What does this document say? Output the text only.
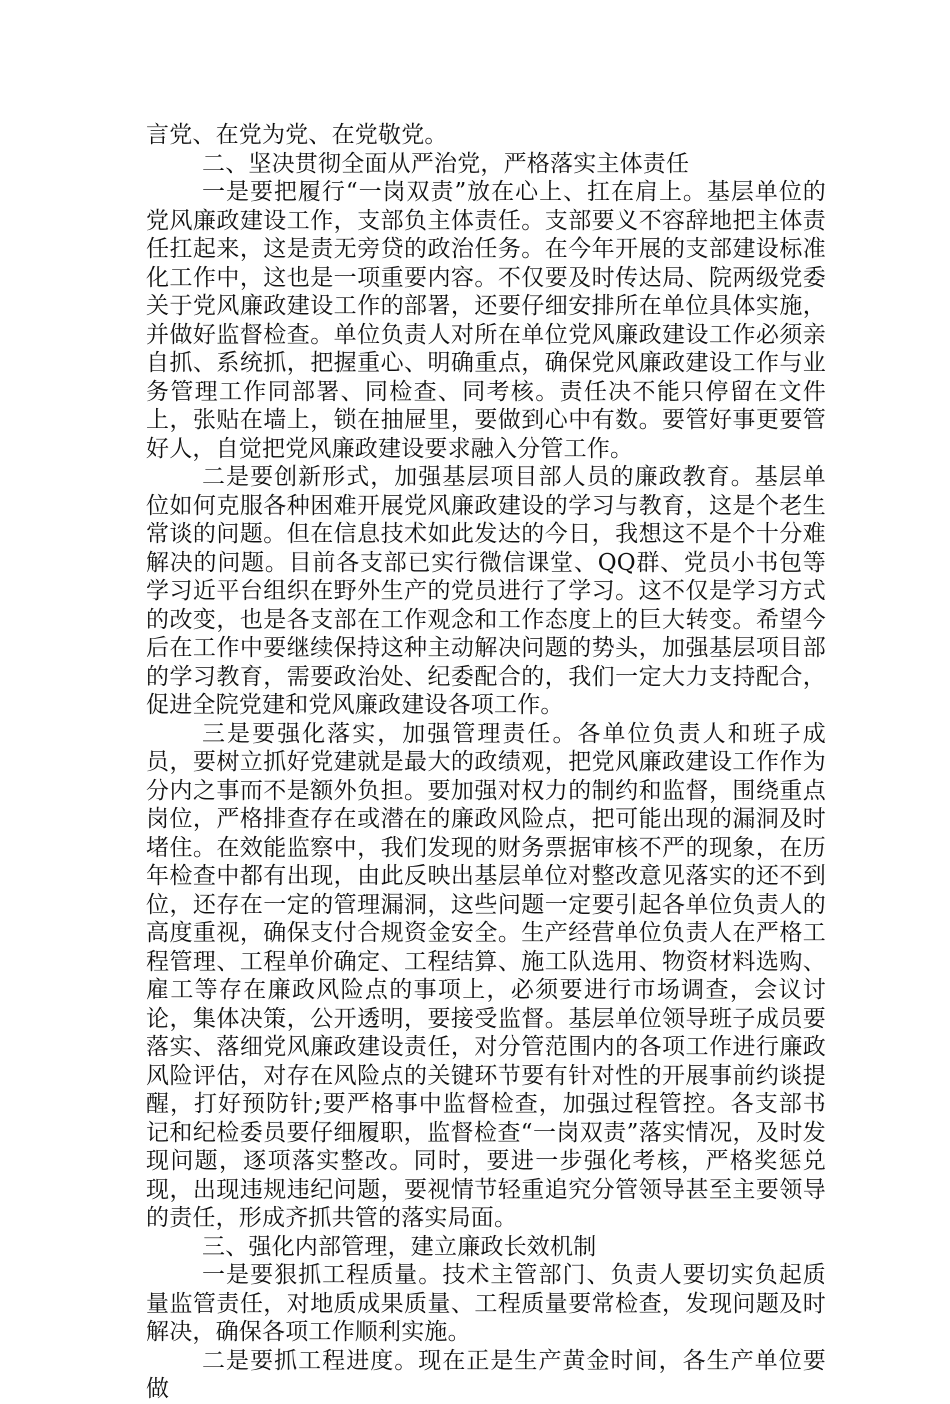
言党、在党为党、在党敬党。

二、坚决贯彻全面从严治党，严格落实主体责任

一是要把履行“一岗双责”放在心上、扛在肩上。基层单位的党风廉政建设工作，支部负主体责任。支部要义不容辞地把主体责任扛起来，这是责无旁贷的政治任务。在今年开展的支部建设标准化工作中，这也是一项重要内容。不仅要及时传达局、院两级党委关于党风廉政建设工作的部署，还要仔细安排所在单位具体实施，并做好监督检查。单位负责人对所在单位党风廉政建设工作必须亲自抓、系统抓，把握重心、明确重点，确保党风廉政建设工作与业务管理工作同部署、同检查、同考核。责任决不能只停留在文件上，张贴在墙上，锁在抽屉里，要做到心中有数。要管好事更要管好人，自觉把党风廉政建设要求融入分管工作。

二是要创新形式，加强基层项目部人员的廉政教育。基层单位如何克服各种困难开展党风廉政建设的学习与教育，这是个老生常谈的问题。但在信息技术如此发达的今日，我想这不是个十分难解决的问题。目前各支部已实行微信课堂、QQ群、党员小书包等学习近平台组织在野外生产的党员进行了学习。这不仅是学习方式的改变，也是各支部在工作观念和工作态度上的巨大转变。希望今后在工作中要继续保持这种主动解决问题的势头，加强基层项目部的学习教育，需要政治处、纪委配合的，我们一定大力支持配合，促进全院党建和党风廉政建设各项工作。

三是要强化落实，加强管理责任。各单位负责人和班子成员，要树立抓好党建就是最大的政绩观，把党风廉政建设工作作为分内之事而不是额外负担。要加强对权力的制约和监督，围绕重点岗位，严格排查存在或潜在的廉政风险点，把可能出现的漏洞及时堵住。在效能监察中，我们发现的财务票据审核不严的现象，在历年检查中都有出现，由此反映出基层单位对整改意见落实的还不到位，还存在一定的管理漏洞，这些问题一定要引起各单位负责人的高度重视，确保支付合规资金安全。生产经营单位负责人在严格工程管理、工程单价确定、工程结算、施工队选用、物资材料选购、雇工等存在廉政风险点的事项上，必须要进行市场调查，会议讨论，集体决策，公开透明，要接受监督。基层单位领导班子成员要落实、落细党风廉政建设责任，对分管范围内的各项工作进行廉政风险评估，对存在风险点的关键环节要有针对性的开展事前约谈提醒，打好预防针;要严格事中监督检查，加强过程管控。各支部书记和纪检委员要仔细履职，监督检查“一岗双责”落实情况，及时发现问题，逐项落实整改。同时，要进一步强化考核，严格奖惩兑现，出现违规违纪问题，要视情节轻重追究分管领导甚至主要领导的责任，形成齐抓共管的落实局面。

三、强化内部管理，建立廉政长效机制

一是要狠抓工程质量。技术主管部门、负责人要切实负起质量监管责任，对地质成果质量、工程质量要常检查，发现问题及时解决，确保各项工作顺利实施。

二是要抓工程进度。现在正是生产黄金时间，各生产单位要做
